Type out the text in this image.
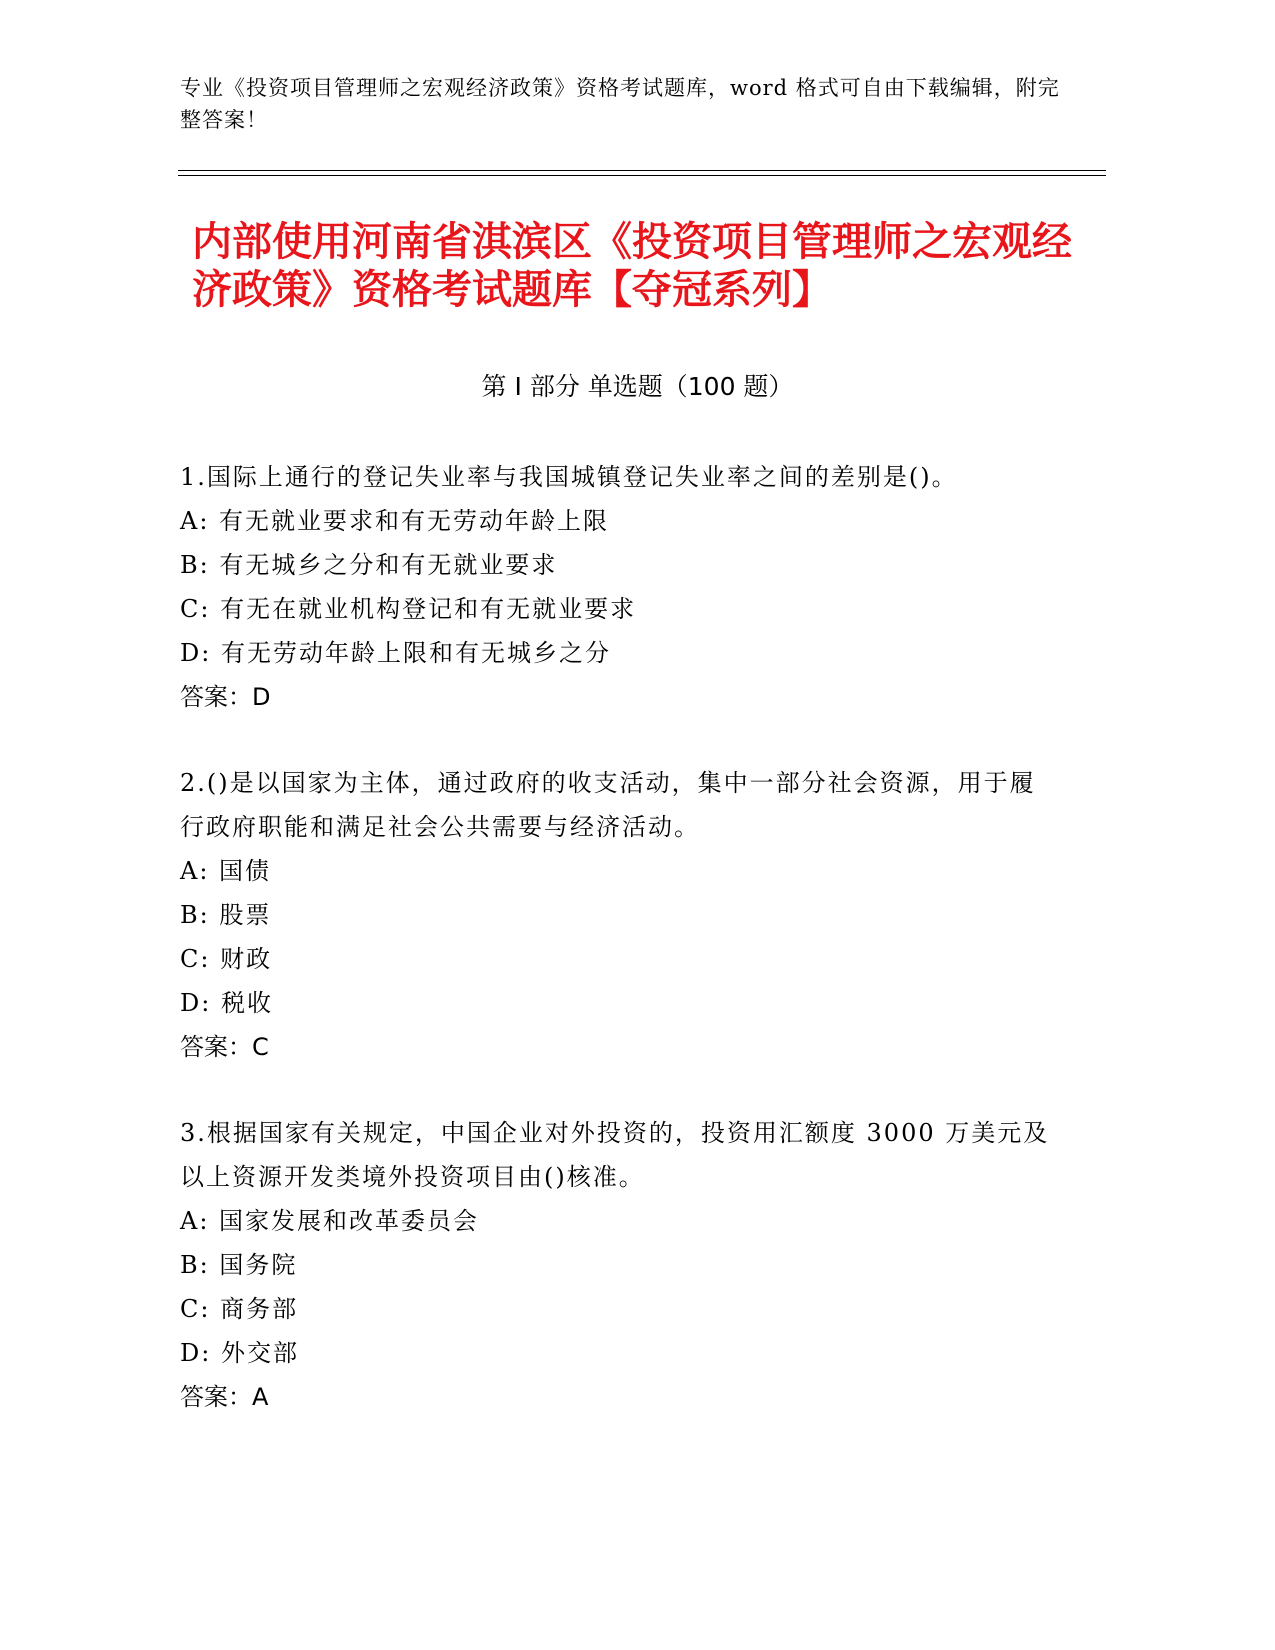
专业《投资项目管理师之宏观经济政策》资格考试题库，word 格式可自由下载编辑，附完整答案！
内部使用河南省淇滨区《投资项目管理师之宏观经济政策》资格考试题库【夺冠系列】
第 I 部分 单选题（100 题）
1.国际上通行的登记失业率与我国城镇登记失业率之间的差别是()。
A: 有无就业要求和有无劳动年龄上限
B: 有无城乡之分和有无就业要求
C: 有无在就业机构登记和有无就业要求
D: 有无劳动年龄上限和有无城乡之分
答案：D
2.()是以国家为主体，通过政府的收支活动，集中一部分社会资源，用于履行政府职能和满足社会公共需要与经济活动。
A: 国债
B: 股票
C: 财政
D: 税收
答案：C
3.根据国家有关规定，中国企业对外投资的，投资用汇额度 3000 万美元及以上资源开发类境外投资项目由()核准。
A: 国家发展和改革委员会
B: 国务院
C: 商务部
D: 外交部
答案：A
